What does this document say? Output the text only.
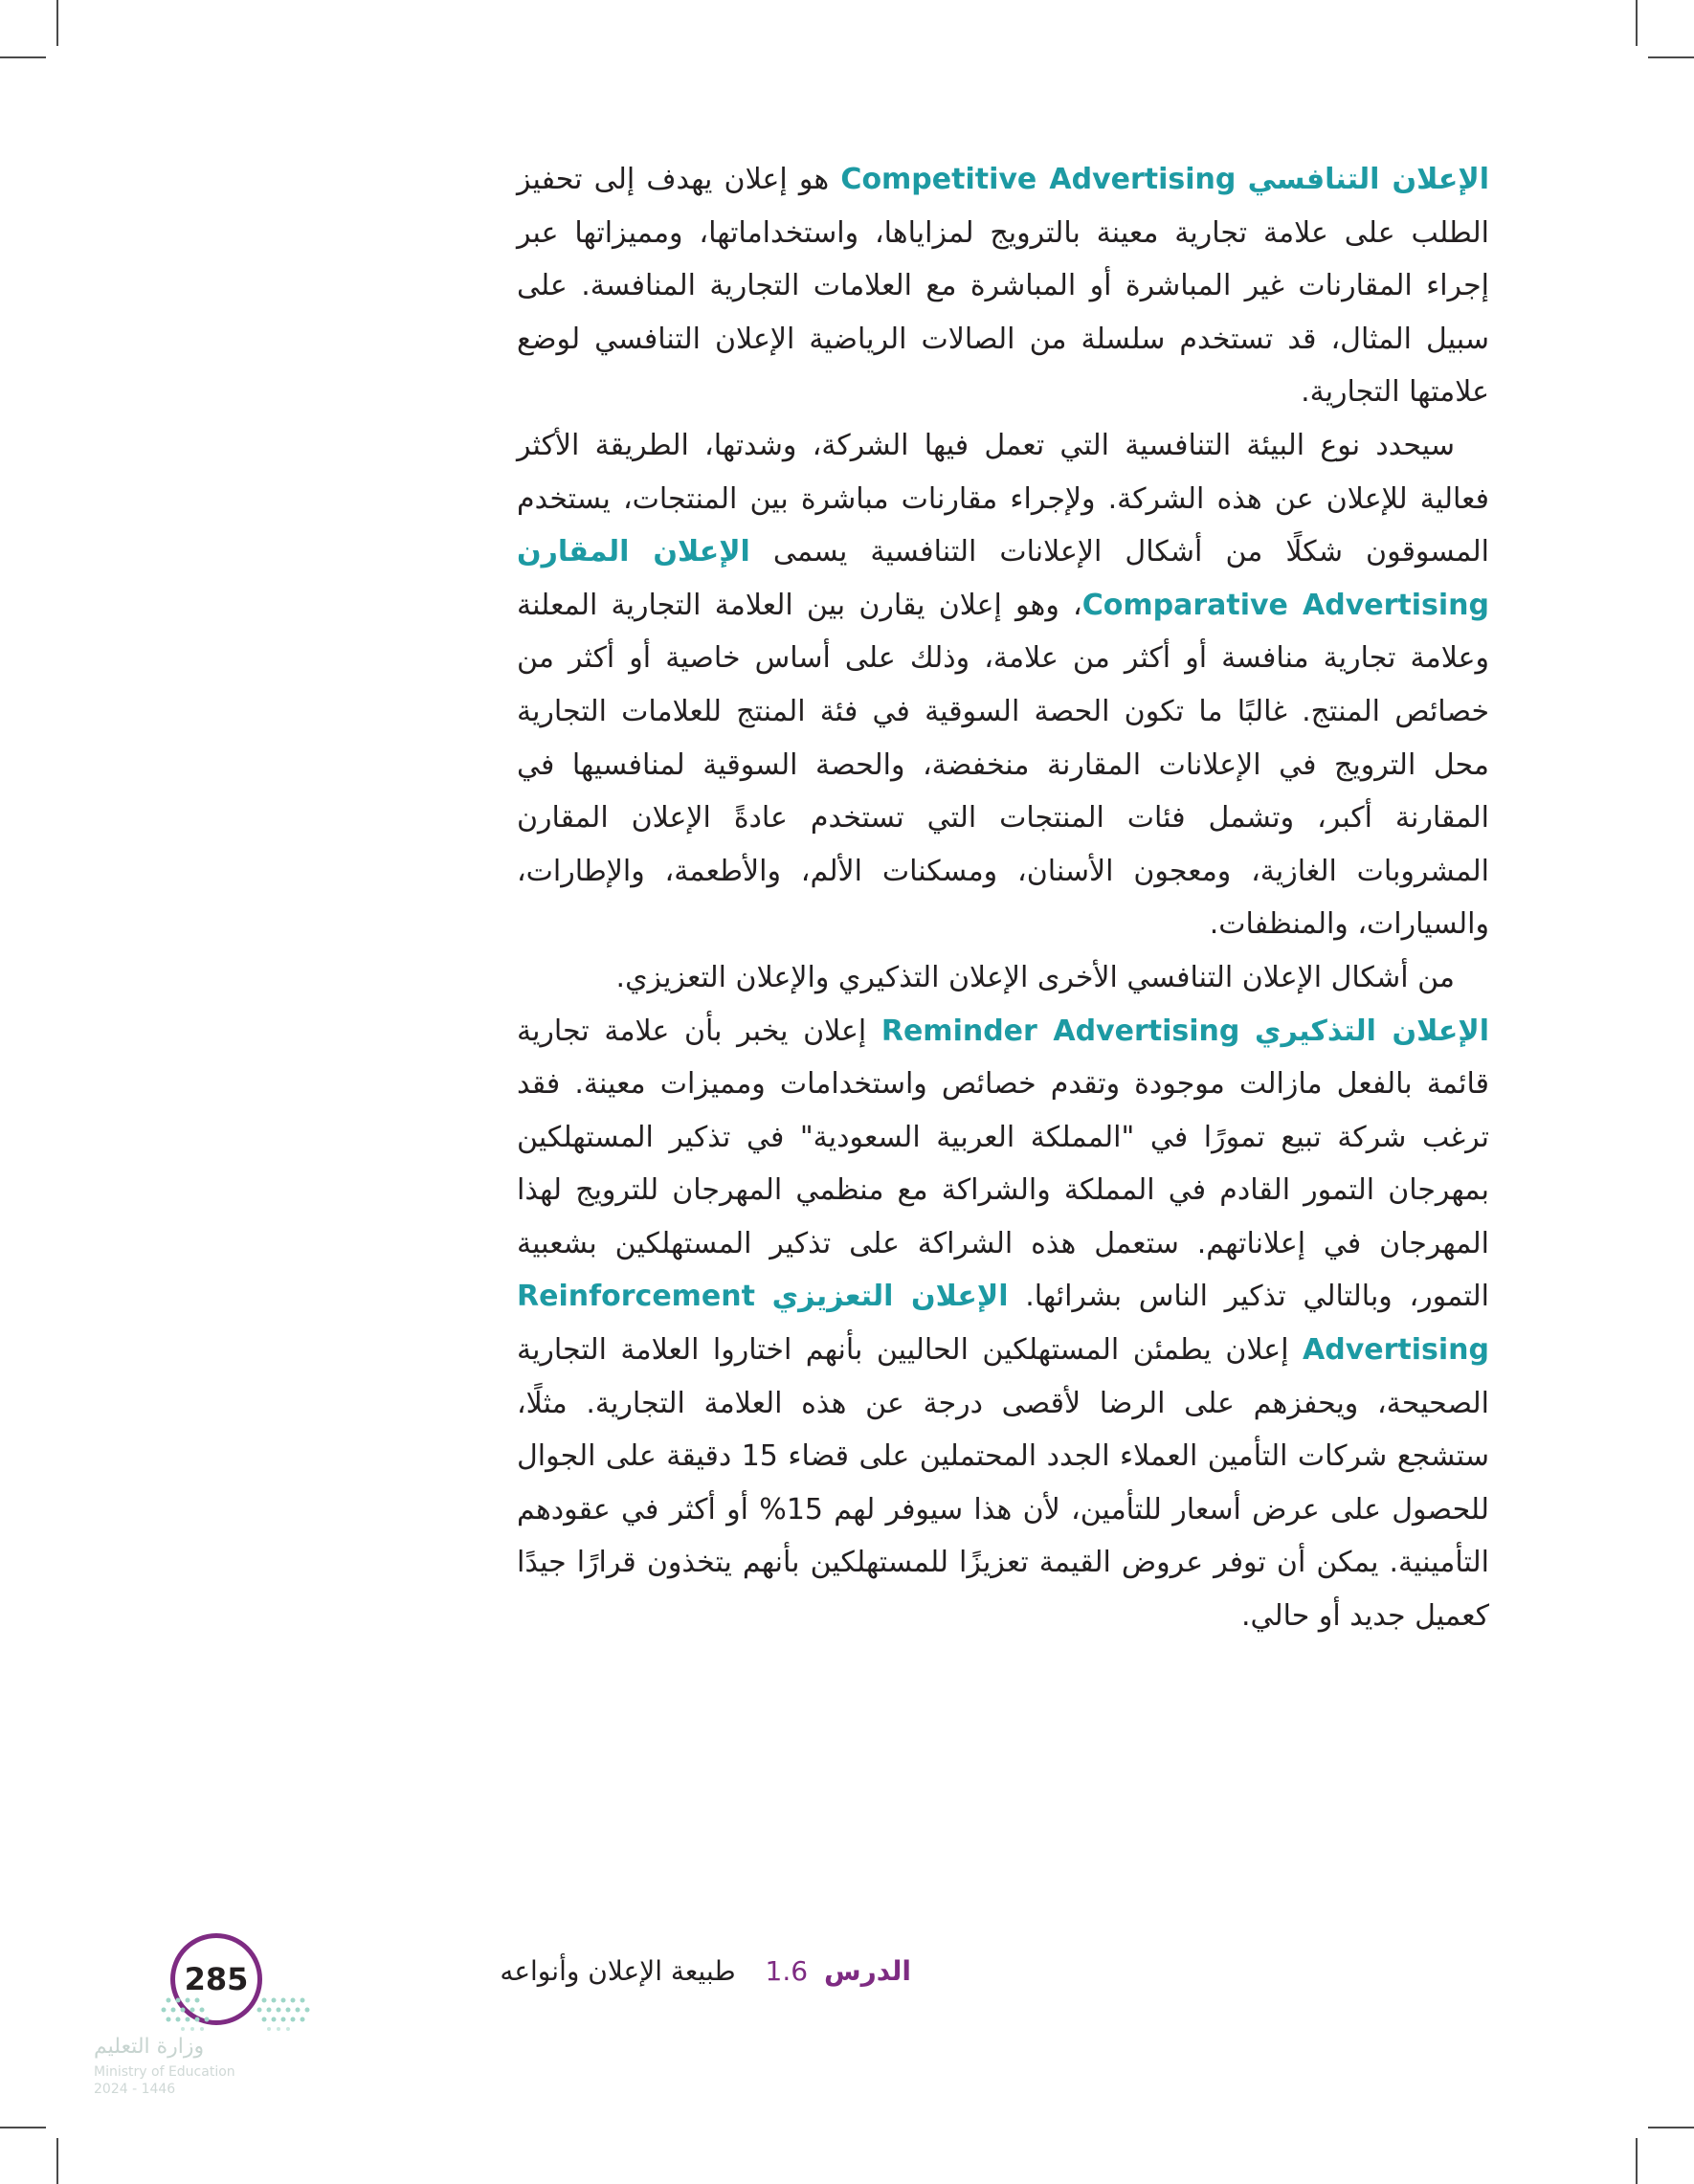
الإعلان التنافسي Competitive Advertising هو إعلان يهدف إلى تحفيز الطلب على علامة تجارية معينة بالترويج لمزاياها، واستخداماتها، ومميزاتها عبر إجراء المقارنات غير المباشرة أو المباشرة مع العلامات التجارية المنافسة. على سبيل المثال، قد تستخدم سلسلة من الصالات الرياضية الإعلان التنافسي لوضع علامتها التجارية.

سيحدد نوع البيئة التنافسية التي تعمل فيها الشركة، وشدتها، الطريقة الأكثر فعالية للإعلان عن هذه الشركة. ولإجراء مقارنات مباشرة بين المنتجات، يستخدم المسوقون شكلًا من أشكال الإعلانات التنافسية يسمى الإعلان المقارن Comparative Advertising، وهو إعلان يقارن بين العلامة التجارية المعلنة وعلامة تجارية منافسة أو أكثر من علامة، وذلك على أساس خاصية أو أكثر من خصائص المنتج. غالبًا ما تكون الحصة السوقية في فئة المنتج للعلامات التجارية محل الترويج في الإعلانات المقارنة منخفضة، والحصة السوقية لمنافسيها في المقارنة أكبر، وتشمل فئات المنتجات التي تستخدم عادةً الإعلان المقارن المشروبات الغازية، ومعجون الأسنان، ومسكنات الألم، والأطعمة، والإطارات، والسيارات، والمنظفات.

من أشكال الإعلان التنافسي الأخرى الإعلان التذكيري والإعلان التعزيزي.

الإعلان التذكيري Reminder Advertising إعلان يخبر بأن علامة تجارية قائمة بالفعل مازالت موجودة وتقدم خصائص واستخدامات ومميزات معينة. فقد ترغب شركة تبيع تمورًا في "المملكة العربية السعودية" في تذكير المستهلكين بمهرجان التمور القادم في المملكة والشراكة مع منظمي المهرجان للترويج لهذا المهرجان في إعلاناتهم. ستعمل هذه الشراكة على تذكير المستهلكين بشعبية التمور، وبالتالي تذكير الناس بشرائها. الإعلان التعزيزي Reinforcement Advertising إعلان يطمئن المستهلكين الحاليين بأنهم اختاروا العلامة التجارية الصحيحة، ويحفزهم على الرضا لأقصى درجة عن هذه العلامة التجارية. مثلًا، ستشجع شركات التأمين العملاء الجدد المحتملين على قضاء 15 دقيقة على الجوال للحصول على عرض أسعار للتأمين، لأن هذا سيوفر لهم 15% أو أكثر في عقودهم التأمينية. يمكن أن توفر عروض القيمة تعزيزًا للمستهلكين بأنهم يتخذون قرارًا جيدًا كعميل جديد أو حالي.

285	الدرس 1.6 طبيعة الإعلان وأنواعه
وزارة التعليم
Ministry of Education
2024 - 1446
